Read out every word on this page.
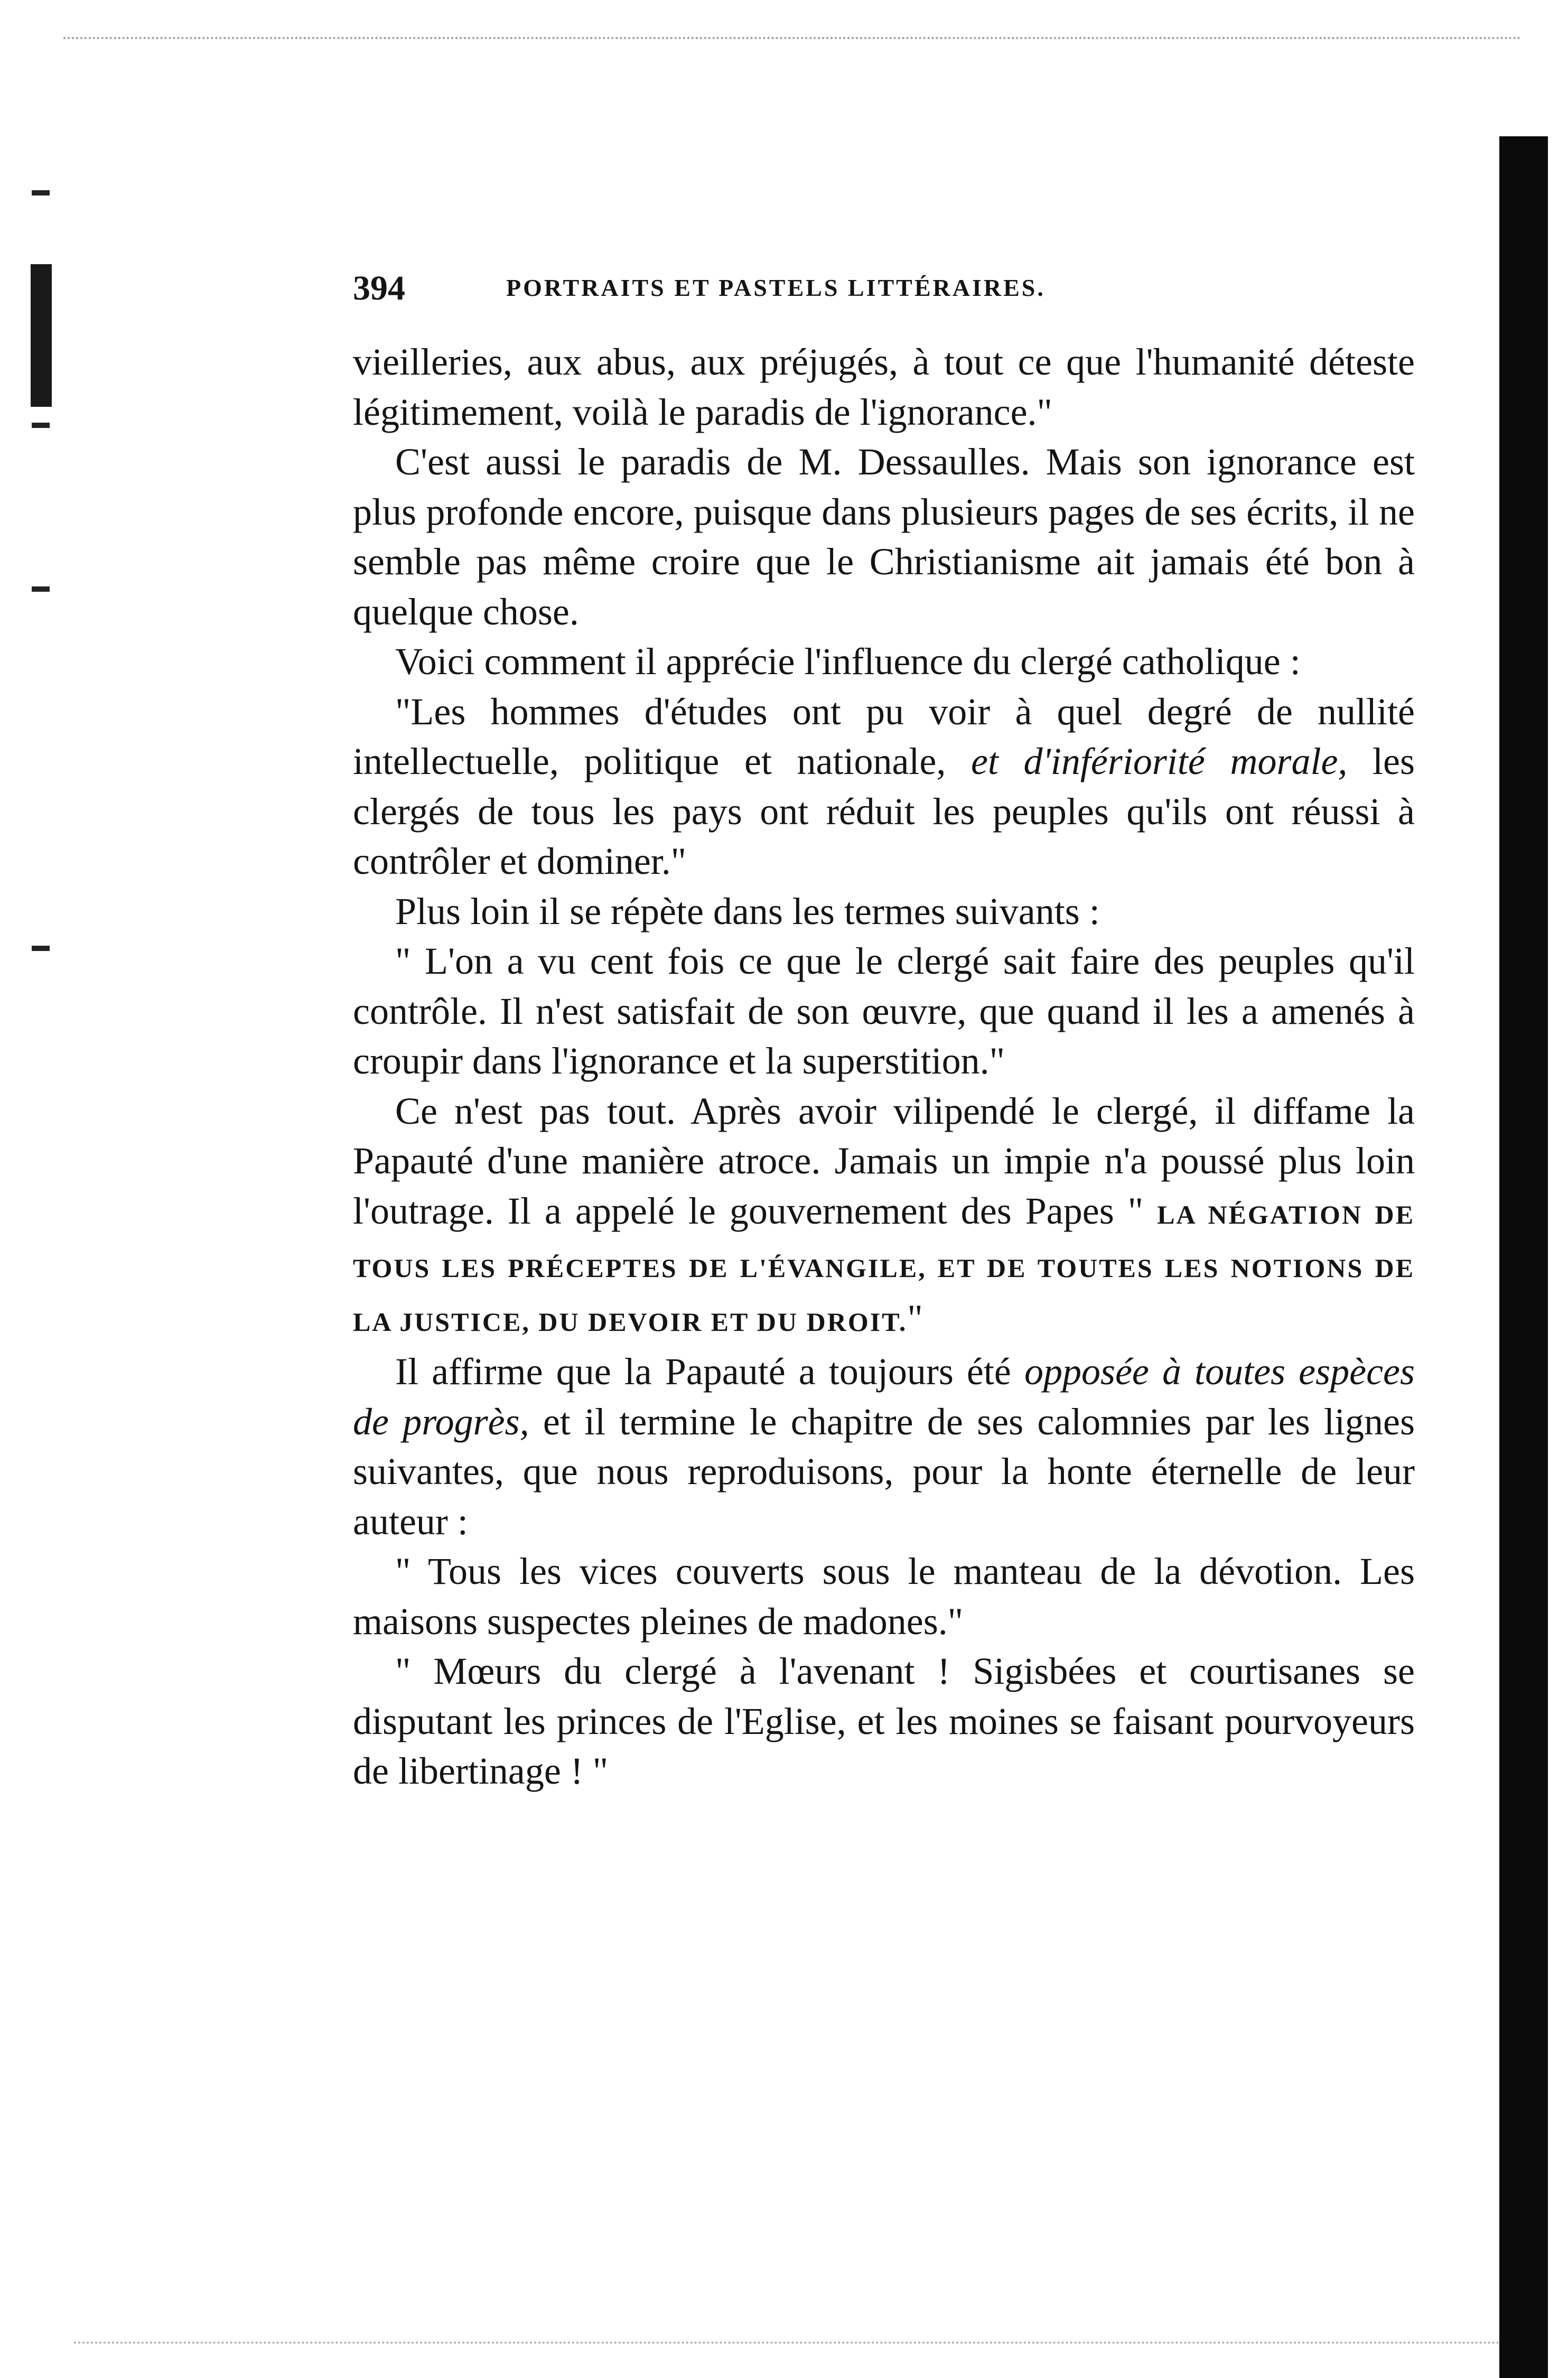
394	PORTRAITS ET PASTELS LITTÉRAIRES.

vieilleries, aux abus, aux préjugés, à tout ce que l'humanité déteste légitimement, voilà le paradis de l'ignorance."

C'est aussi le paradis de M. Dessaulles. Mais son ignorance est plus profonde encore, puisque dans plusieurs pages de ses écrits, il ne semble pas même croire que le Christianisme ait jamais été bon à quelque chose.

Voici comment il apprécie l'influence du clergé catholique :

"Les hommes d'études ont pu voir à quel degré de nullité intellectuelle, politique et nationale, et d'infériorité morale, les clergés de tous les pays ont réduit les peuples qu'ils ont réussi à contrôler et dominer."

Plus loin il se répète dans les termes suivants :

" L'on a vu cent fois ce que le clergé sait faire des peuples qu'il contrôle. Il n'est satisfait de son œuvre, que quand il les a amenés à croupir dans l'ignorance et la superstition."

Ce n'est pas tout. Après avoir vilipendé le clergé, il diffame la Papauté d'une manière atroce. Jamais un impie n'a poussé plus loin l'outrage. Il a appelé le gouvernement des Papes " LA NÉGATION DE TOUS LES PRÉCEPTES DE L'ÉVANGILE, ET DE TOUTES LES NOTIONS DE LA JUSTICE, DU DEVOIR ET DU DROIT."

Il affirme que la Papauté a toujours été opposée à toutes espèces de progrès, et il termine le chapitre de ses calomnies par les lignes suivantes, que nous reproduisons, pour la honte éternelle de leur auteur :

" Tous les vices couverts sous le manteau de la dévotion. Les maisons suspectes pleines de madones."

" Mœurs du clergé à l'avenant ! Sigisbées et courtisanes se disputant les princes de l'Eglise, et les moines se faisant pourvoyeurs de libertinage ! "
